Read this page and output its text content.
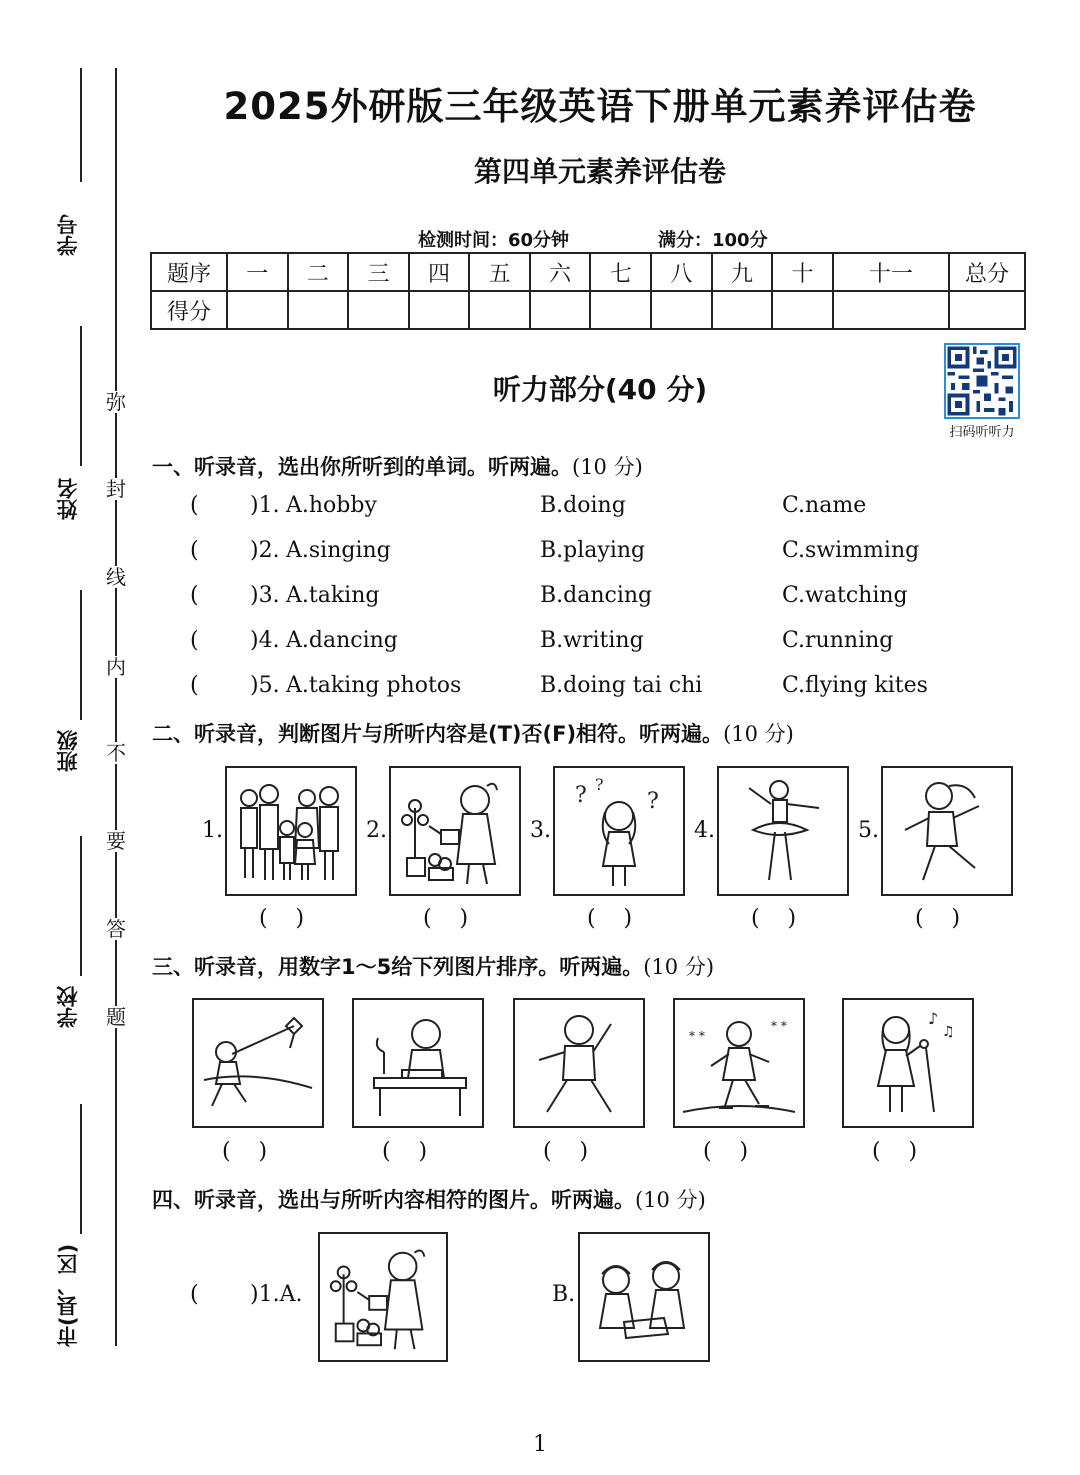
学号
姓名
班级
学校
市(县、区)
弥
封
线
内
不
要
答
题
2025外研版三年级英语下册单元素养评估卷
第四单元素养评估卷
检测时间：60分钟	满分：100分
题序	一	二	三	四	五	六	七	八	九	十	十一	总分
得分												
听力部分(40 分)
扫码听听力
一、听录音，选出你所听到的单词。听两遍。(10 分)
( )1. A.hobby	B.doing	C.name
( )2. A.singing	B.playing	C.swimming
( )3. A.taking	B.dancing	C.watching
( )4. A.dancing	B.writing	C.running
( )5. A.taking photos	B.doing tai chi	C.flying kites
二、听录音，判断图片与所听内容是(T)否(F)相符。听两遍。(10 分)
1.
(    )
2.
(    )
3.
? ?
?
(    )
4.
(    )
5.
(    )
三、听录音，用数字1～5给下列图片排序。听两遍。(10 分)
(    )	(    )	(    )
* *
* *
(    )
♪
♫
(    )
四、听录音，选出与所听内容相符的图片。听两遍。(10 分)
( )1.A.	B.
1
